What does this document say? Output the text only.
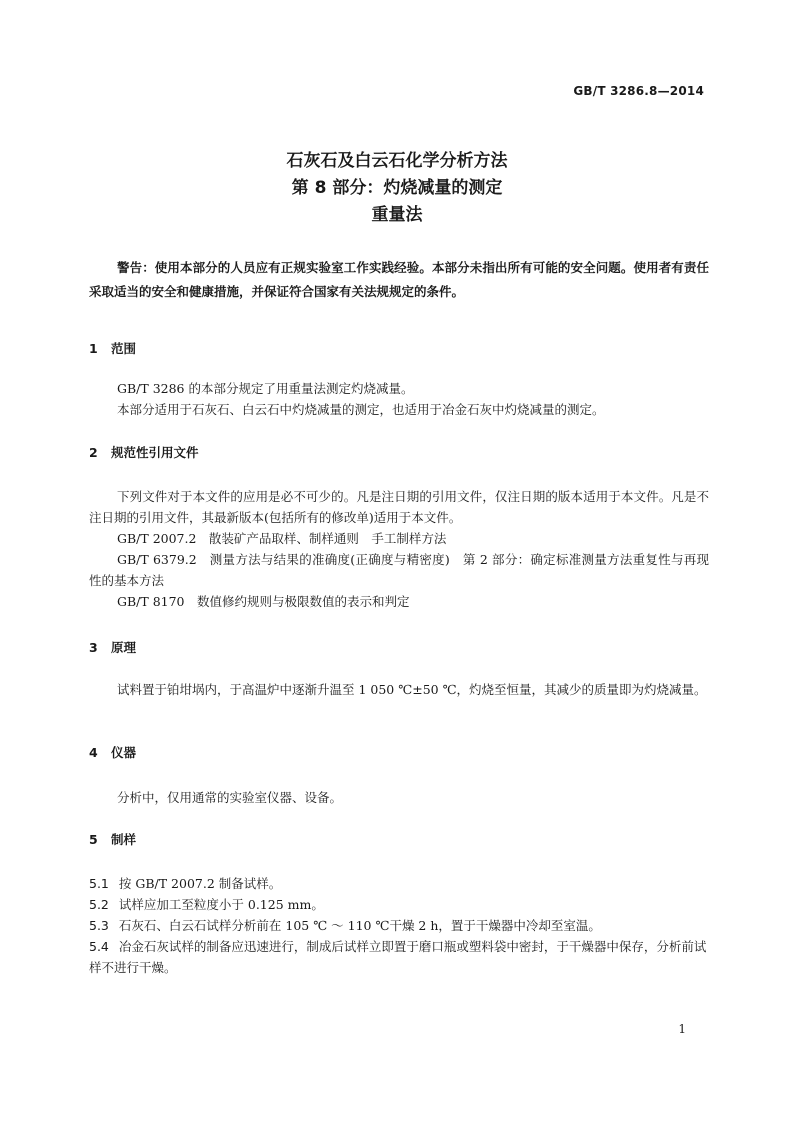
GB/T 3286.8—2014
石灰石及白云石化学分析方法
第 8 部分：灼烧减量的测定
重量法
警告：使用本部分的人员应有正规实验室工作实践经验。本部分未指出所有可能的安全问题。使用者有责任采取适当的安全和健康措施，并保证符合国家有关法规规定的条件。
1 范围
GB/T 3286 的本部分规定了用重量法测定灼烧减量。
本部分适用于石灰石、白云石中灼烧减量的测定，也适用于冶金石灰中灼烧减量的测定。
2 规范性引用文件
下列文件对于本文件的应用是必不可少的。凡是注日期的引用文件，仅注日期的版本适用于本文件。凡是不注日期的引用文件，其最新版本(包括所有的修改单)适用于本文件。
GB/T 2007.2　散装矿产品取样、制样通则　手工制样方法
GB/T 6379.2　测量方法与结果的准确度(正确度与精密度)　第 2 部分：确定标准测量方法重复性与再现性的基本方法
GB/T 8170　数值修约规则与极限数值的表示和判定
3 原理
试料置于铂坩埚内，于高温炉中逐渐升温至 1 050 ℃±50 ℃，灼烧至恒量，其减少的质量即为灼烧减量。
4 仪器
分析中，仅用通常的实验室仪器、设备。
5 制样
5.1 按 GB/T 2007.2 制备试样。
5.2 试样应加工至粒度小于 0.125 mm。
5.3 石灰石、白云石试样分析前在 105 ℃ ～ 110 ℃干燥 2 h，置于干燥器中冷却至室温。
5.4 冶金石灰试样的制备应迅速进行，制成后试样立即置于磨口瓶或塑料袋中密封，于干燥器中保存，分析前试样不进行干燥。
1
